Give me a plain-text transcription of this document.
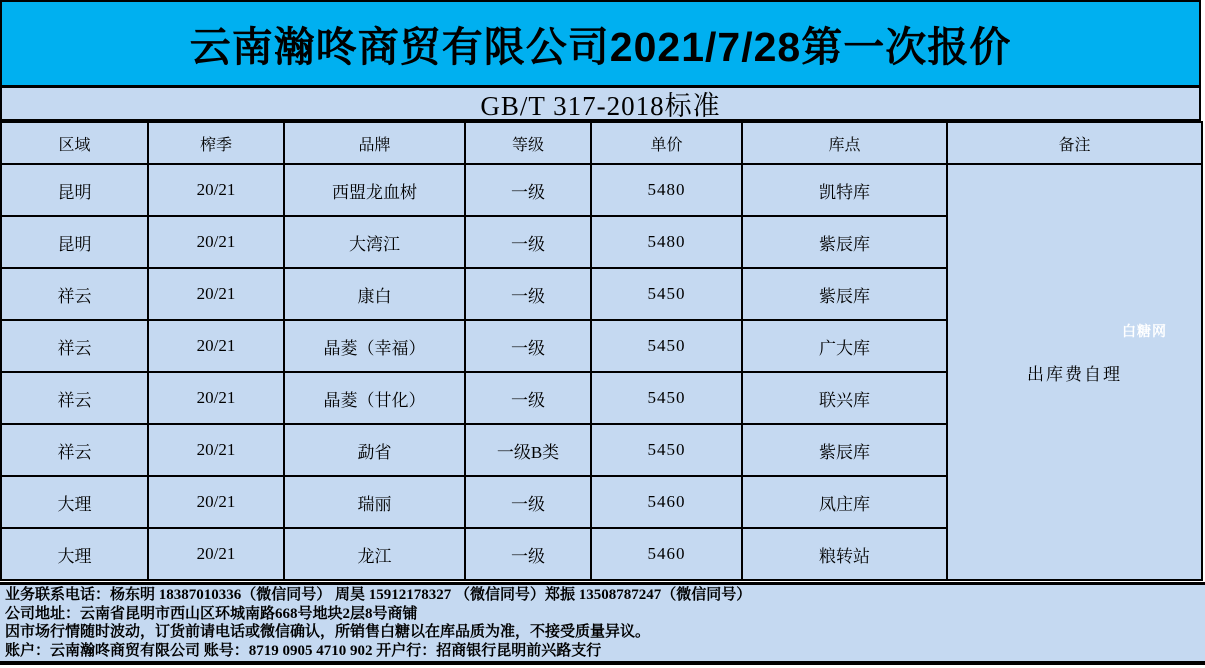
云南瀚咚商贸有限公司2021/7/28第一次报价
GB/T 317-2018标准
区域	榨季	品牌	等级	单价	库点	备注
昆明	20/21	西盟龙血树	一级	5480	凯特库	出库费自理
昆明	20/21	大湾江	一级	5480	紫辰库	
祥云	20/21	康白	一级	5450	紫辰库	
祥云	20/21	晶菱（幸福）	一级	5450	广大库	
祥云	20/21	晶菱（甘化）	一级	5450	联兴库	
祥云	20/21	勐省	一级B类	5450	紫辰库	
大理	20/21	瑞丽	一级	5460	凤庄库	
大理	20/21	龙江	一级	5460	粮转站	
白糖网
业务联系电话：杨东明 18387010336（微信同号） 周昊 15912178327 （微信同号）郑振 13508787247（微信同号）
公司地址：云南省昆明市西山区环城南路668号地块2层8号商铺
因市场行情随时波动，订货前请电话或微信确认，所销售白糖以在库品质为准，不接受质量异议。
账户：云南瀚咚商贸有限公司 账号：8719 0905 4710 902 开户行：招商银行昆明前兴路支行
